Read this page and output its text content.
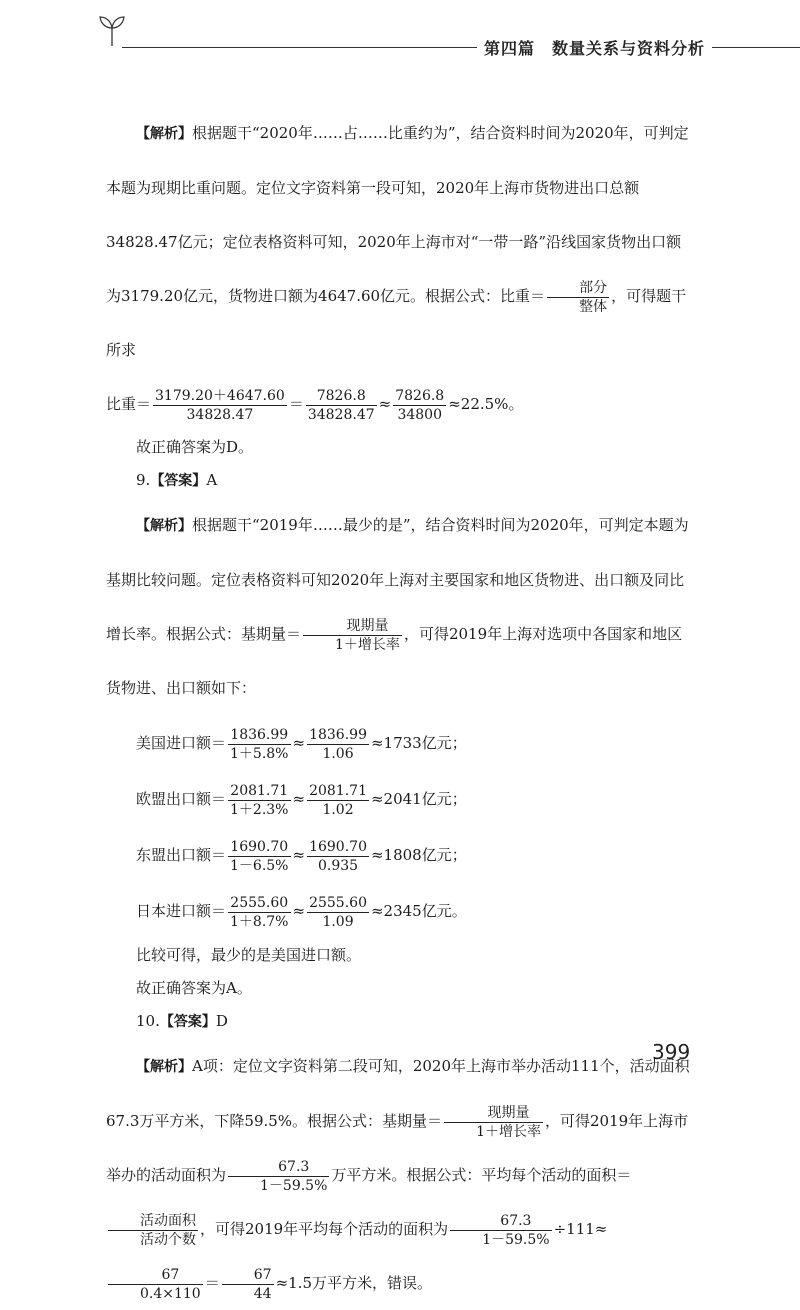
第四篇　数量关系与资料分析

【解析】根据题干“2020年……占……比重约为”，结合资料时间为2020年，可判定本题为现期比重问题。定位文字资料第一段可知，2020年上海市货物进出口总额34828.47亿元；定位表格资料可知，2020年上海市对“一带一路”沿线国家货物出口额为3179.20亿元，货物进口额为4647.60亿元。根据公式：比重＝ $\frac{\text{部分}}{\text{整体}}$ ，可得题干所求

比重＝ $\frac{3179.20+4647.60}{34828.47} = \frac{7826.8}{34828.47} \approx \frac{7826.8}{34800} \approx 22.5\%$。

故正确答案为D。

9.【答案】A

【解析】根据题干“2019年……最少的是”，结合资料时间为2020年，可判定本题为基期比较问题。定位表格资料可知2020年上海对主要国家和地区货物进、出口额及同比增长率。根据公式：基期量＝ $\frac{\text{现期量}}{\text{1＋增长率}}$ ，可得2019年上海对选项中各国家和地区货物进、出口额如下：

美国进口额＝ $\frac{1836.99}{1+5.8\%} \approx \frac{1836.99}{1.06} \approx 1733$亿元；

欧盟出口额＝ $\frac{2081.71}{1+2.3\%} \approx \frac{2081.71}{1.02} \approx 2041$亿元；

东盟出口额＝ $\frac{1690.70}{1-6.5\%} \approx \frac{1690.70}{0.935} \approx 1808$亿元；

日本进口额＝ $\frac{2555.60}{1+8.7\%} \approx \frac{2555.60}{1.09} \approx 2345$亿元。

比较可得，最少的是美国进口额。

故正确答案为A。

10.【答案】D

【解析】A项：定位文字资料第二段可知，2020年上海市举办活动111个，活动面积67.3万平方米，下降59.5%。根据公式：基期量＝ $\frac{\text{现期量}}{\text{1＋增长率}}$ ，可得2019年上海市举办的活动面积为 $\frac{67.3}{1-59.5\%}$ 万平方米。根据公式：平均每个活动的面积＝
$\frac{\text{活动面积}}{\text{活动个数}}$ ，可得2019年平均每个活动的面积为 $\frac{67.3}{1-59.5\%} \div 111\approx$
$\frac{67}{0.4\times 110} = \frac{67}{44} \approx 1.5$万平方米，错误。

399
